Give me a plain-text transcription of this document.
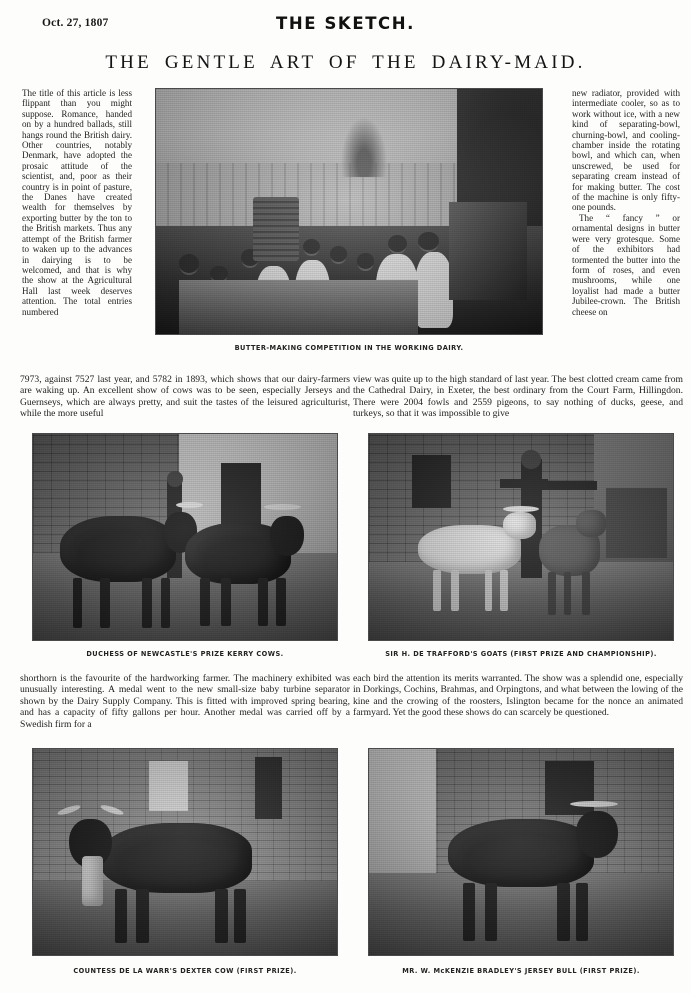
Oct. 27, 1807	THE SKETCH.
THE GENTLE ART OF THE DAIRY-MAID.
BUTTER-MAKING COMPETITION IN THE WORKING DAIRY.

The title of this article is less flippant than you might suppose. Romance, handed on by a hundred ballads, still hangs round the British dairy. Other countries, notably Denmark, have adopted the prosaic attitude of the scientist, and, poor as their country is in point of pasture, the Danes have created wealth for themselves by exporting butter by the ton to the British markets. Thus any attempt of the British farmer to waken up to the advances in dairying is to be welcomed, and that is why the show at the Agricultural Hall last week deserves attention. The total entries numbered

new radiator, provided with intermediate cooler, so as to work without ice, with a new kind of separating-bowl, churning-bowl, and cooling-chamber inside the rotating bowl, and which can, when unscrewed, be used for separating cream instead of for making butter. The cost of the machine is only fifty-one pounds.

The “ fancy ” or ornamental designs in butter were very grotesque. Some of the exhibitors had tormented the butter into the form of roses, and even mushrooms, while one loyalist had made a butter Jubilee-crown. The British cheese on

7973, against 7527 last year, and 5782 in 1893, which shows that our dairy-farmers are waking up. An excellent show of cows was to be seen, especially Jerseys and Guernseys, which are always pretty, and suit the tastes of the leisured agriculturist, while the more useful

view was quite up to the high standard of last year. The best clotted cream came from the Cathedral Dairy, in Exeter, the best ordinary from the Court Farm, Hillingdon. There were 2004 fowls and 2559 pigeons, to say nothing of ducks, geese, and turkeys, so that it was impossible to give

DUCHESS OF NEWCASTLE'S PRIZE KERRY COWS.	SIR H. DE TRAFFORD'S GOATS (FIRST PRIZE AND CHAMPIONSHIP).

shorthorn is the favourite of the hardworking farmer. The machinery exhibited was unusually interesting. A medal went to the new small-size baby turbine separator shown by the Dairy Supply Company. This is fitted with improved spring bearing, and has a capacity of fifty gallons per hour. Another medal was carried off by a Swedish firm for a

each bird the attention its merits warranted. The show was a splendid one, especially in Dorkings, Cochins, Brahmas, and Orpingtons, and what between the lowing of the kine and the crowing of the roosters, Islington became for the nonce an animated farmyard. Yet the good these shows do can scarcely be questioned.

COUNTESS DE LA WARR'S DEXTER COW (FIRST PRIZE).	MR. W. McKENZIE BRADLEY'S JERSEY BULL (FIRST PRIZE).
